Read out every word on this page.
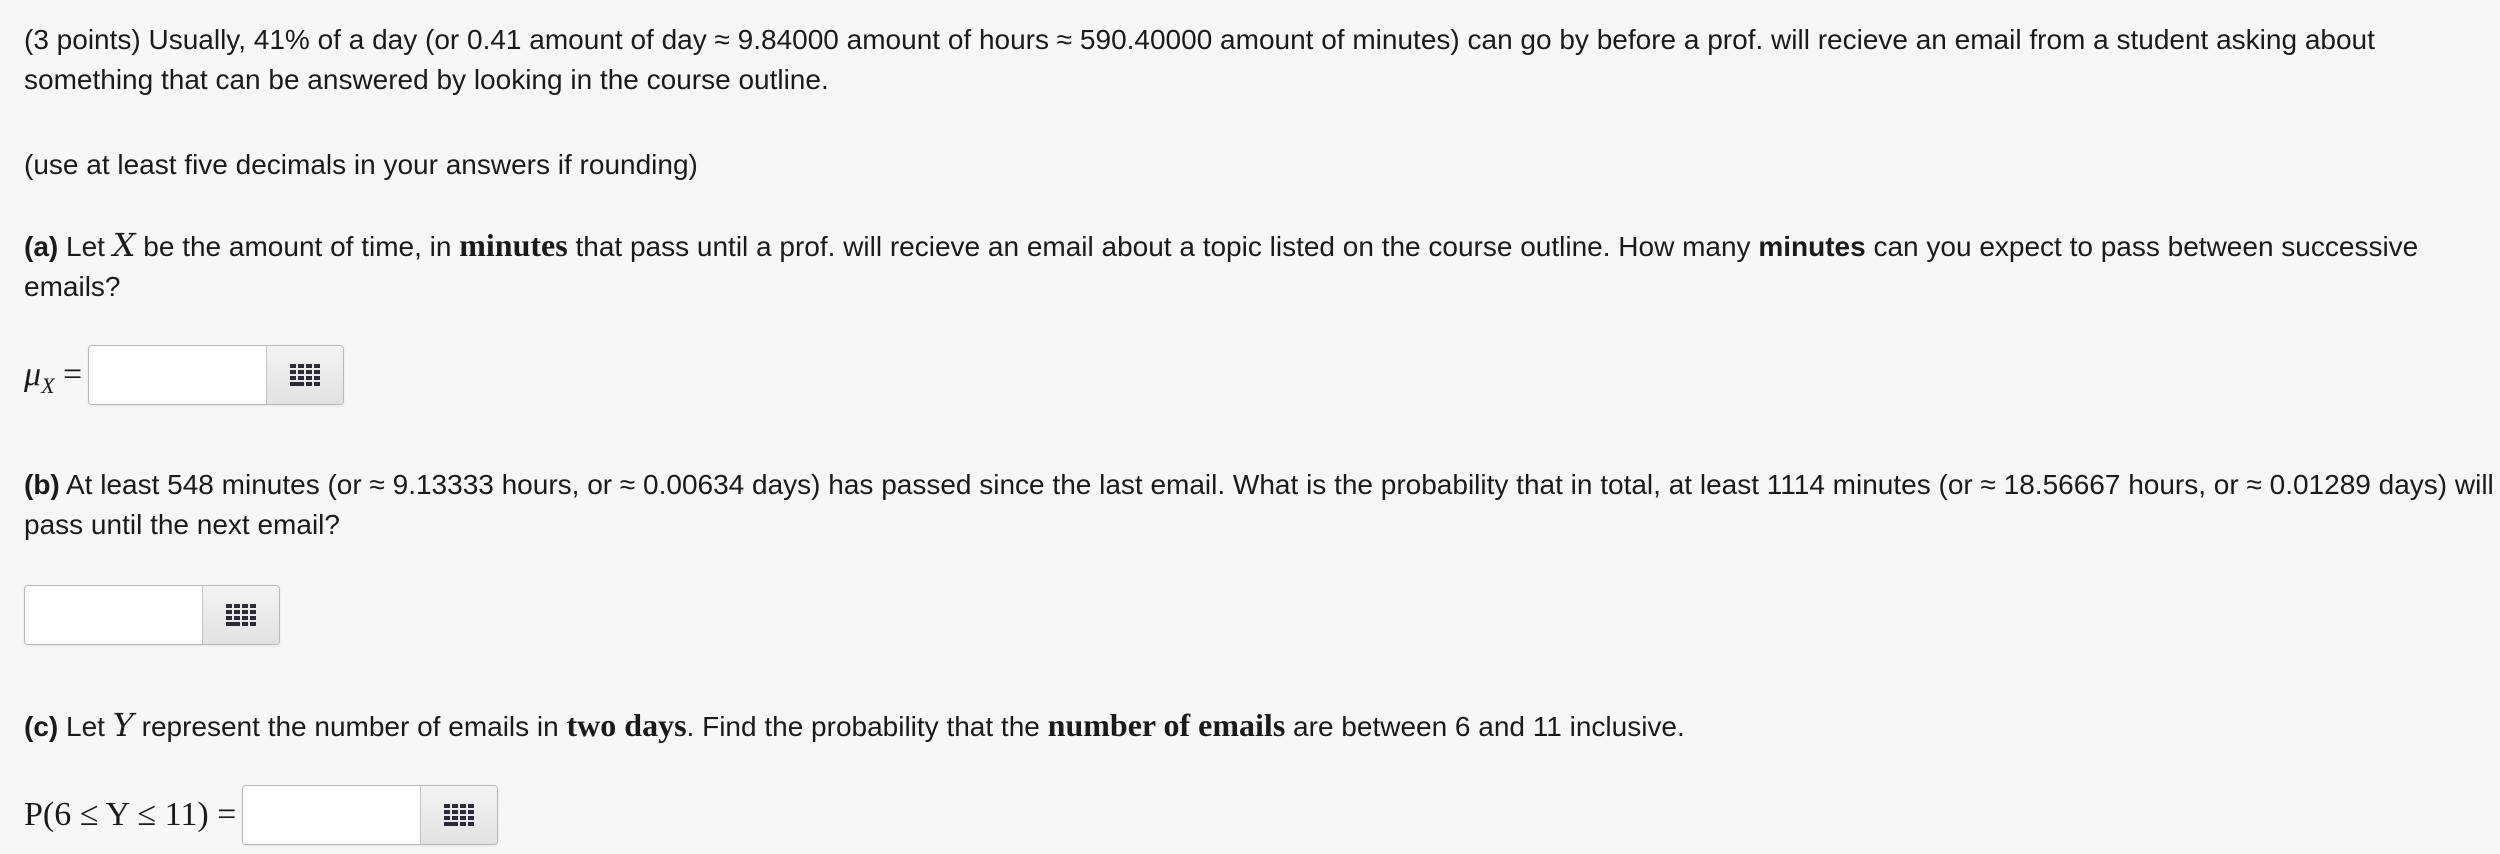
(3 points) Usually, 41% of a day (or 0.41 amount of day ≈ 9.84000 amount of hours ≈ 590.40000 amount of minutes) can go by before a prof. will recieve an email from a student asking about
something that can be answered by looking in the course outline.

(use at least five decimals in your answers if rounding)

(a) Let X be the amount of time, in minutes that pass until a prof. will recieve an email about a topic listed on the course outline. How many minutes can you expect to pass between successive emails?

$\mu_X$ =

(b) At least 548 minutes (or ≈ 9.13333 hours, or ≈ 0.00634 days) has passed since the last email. What is the probability that in total, at least 1114 minutes (or ≈ 18.56667 hours, or ≈ 0.01289 days) will pass until the next email?

(c) Let Y represent the number of emails in two days. Find the probability that the number of emails are between 6 and 11 inclusive.

P(6 ≤ Y ≤ 11) =
